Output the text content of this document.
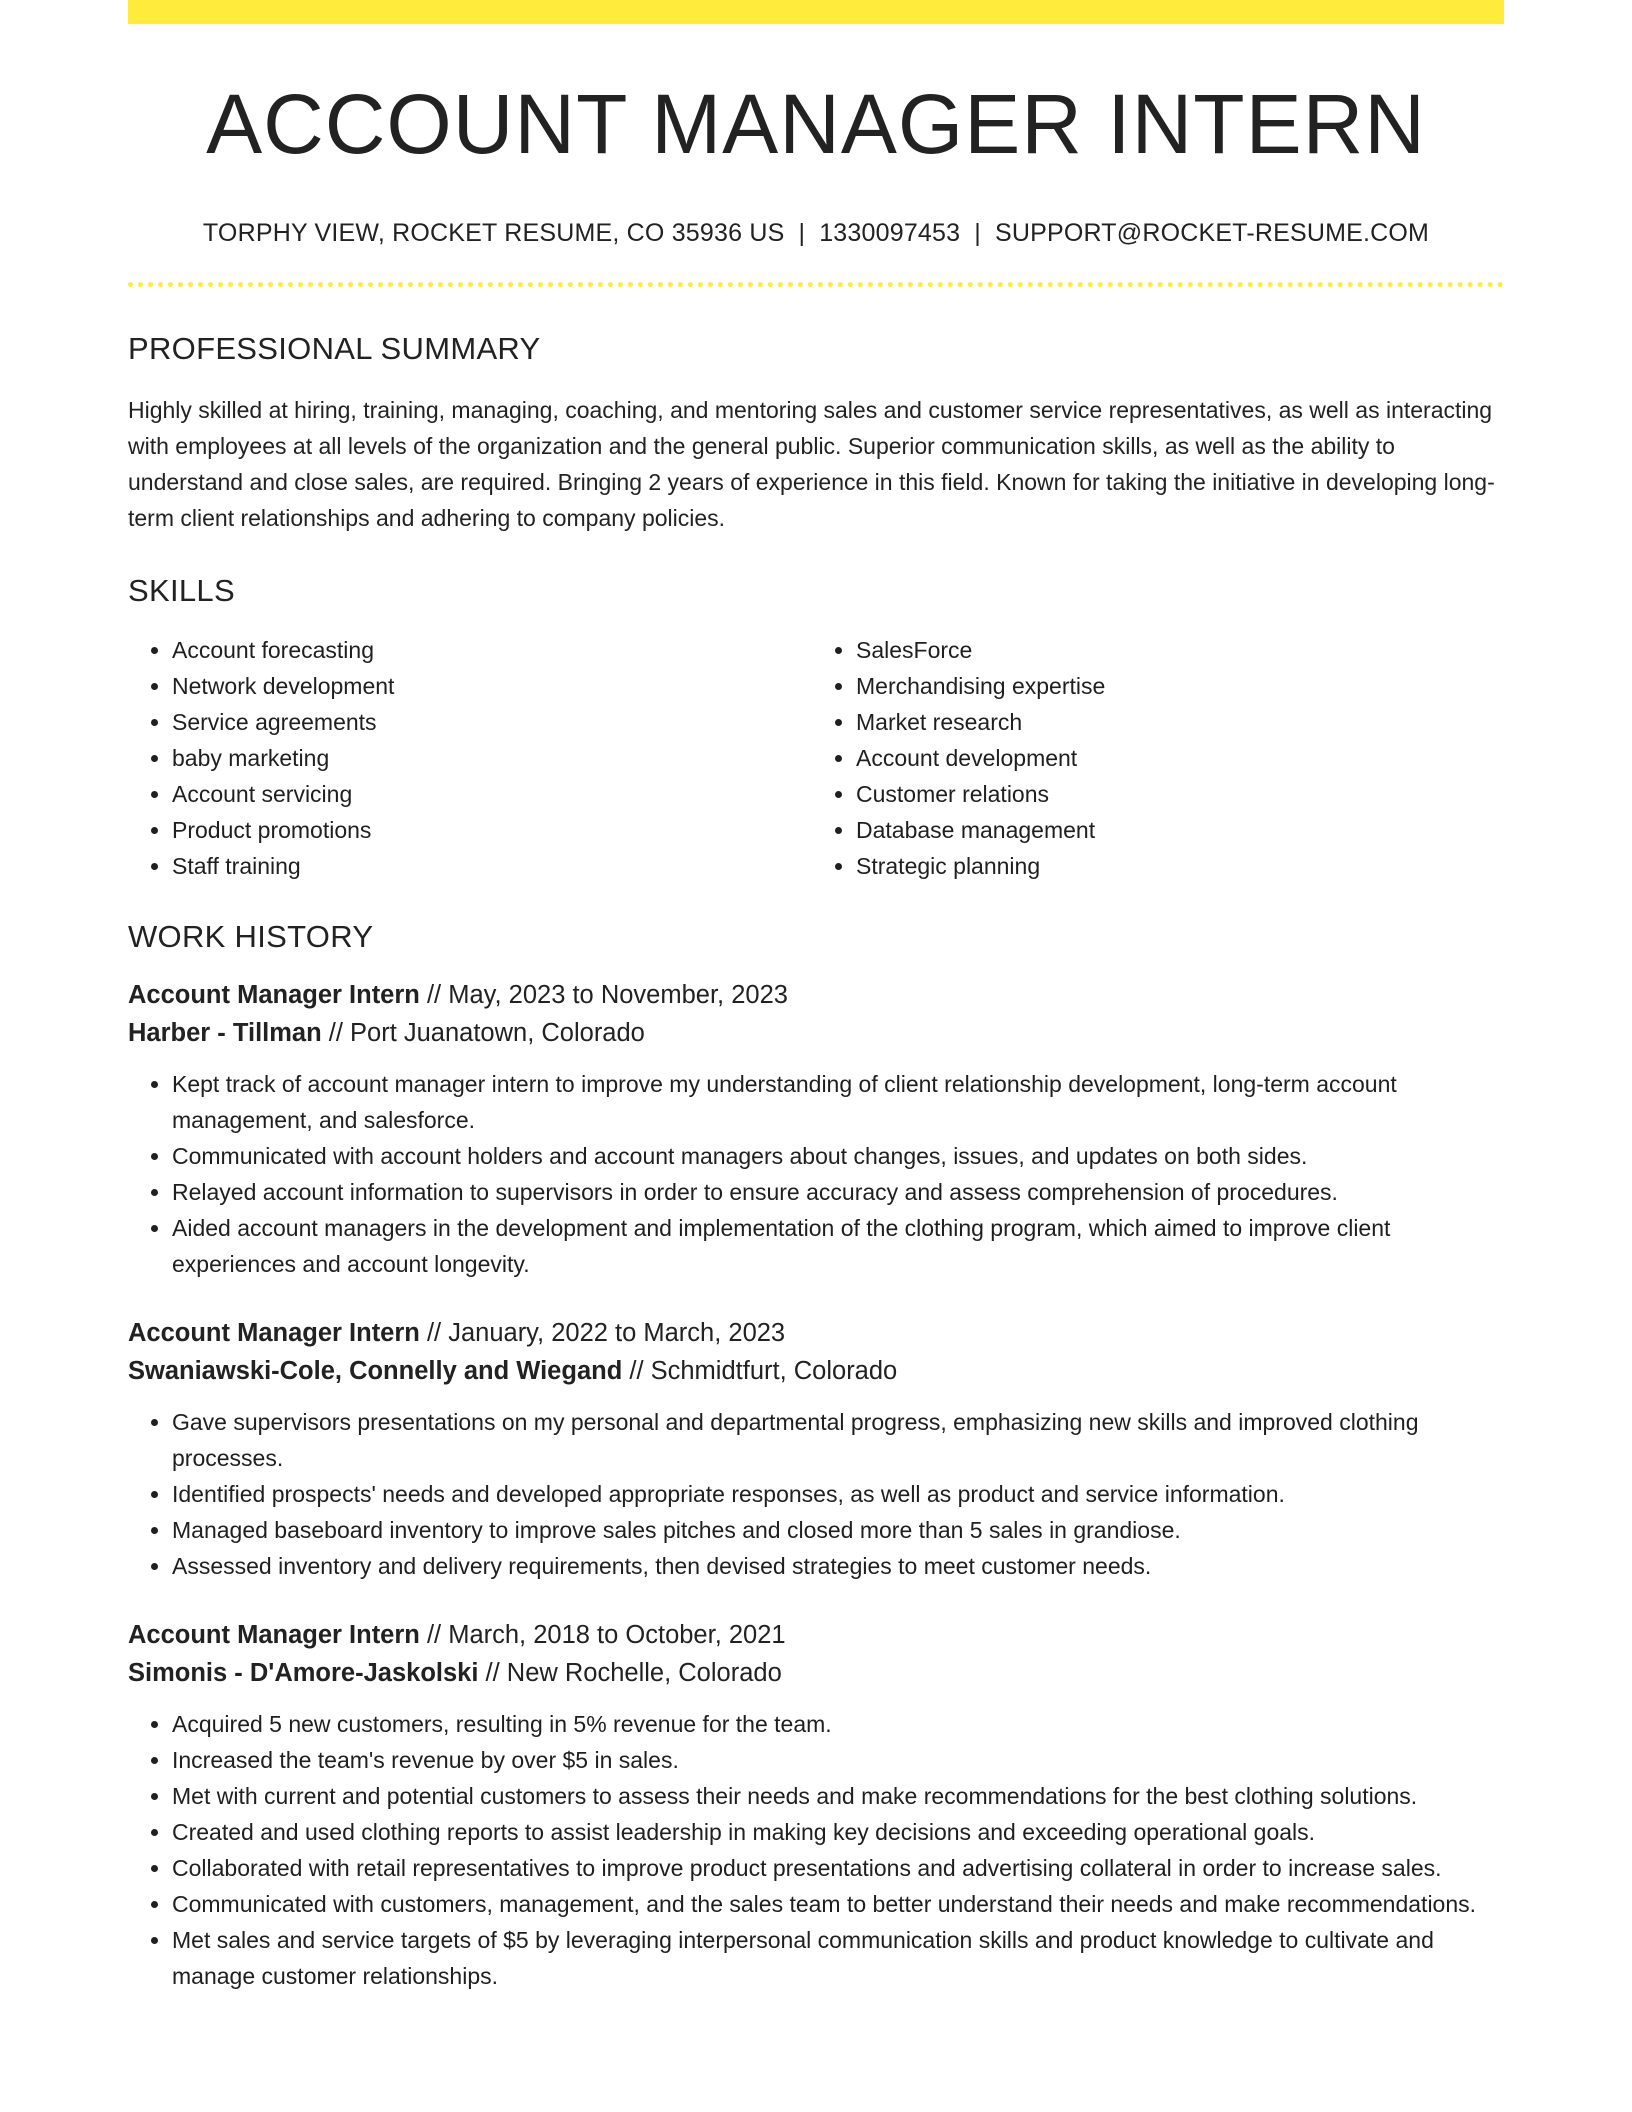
ACCOUNT MANAGER INTERN
TORPHY VIEW, ROCKET RESUME, CO 35936 US | 1330097453 | SUPPORT@ROCKET-RESUME.COM
PROFESSIONAL SUMMARY

Highly skilled at hiring, training, managing, coaching, and mentoring sales and customer service representatives, as well as interacting with employees at all levels of the organization and the general public. Superior communication skills, as well as the ability to understand and close sales, are required. Bringing 2 years of experience in this field. Known for taking the initiative in developing long-term client relationships and adhering to company policies.

SKILLS
• Account forecasting
• Network development
• Service agreements
• baby marketing
• Account servicing
• Product promotions
• Staff training
• SalesForce
• Merchandising expertise
• Market research
• Account development
• Customer relations
• Database management
• Strategic planning
WORK HISTORY
Account Manager Intern // May, 2023 to November, 2023
Harber - Tillman // Port Juanatown, Colorado
• Kept track of account manager intern to improve my understanding of client relationship development, long-term account management, and salesforce.
• Communicated with account holders and account managers about changes, issues, and updates on both sides.
• Relayed account information to supervisors in order to ensure accuracy and assess comprehension of procedures.
• Aided account managers in the development and implementation of the clothing program, which aimed to improve client experiences and account longevity.
Account Manager Intern // January, 2022 to March, 2023
Swaniawski-Cole, Connelly and Wiegand // Schmidtfurt, Colorado
• Gave supervisors presentations on my personal and departmental progress, emphasizing new skills and improved clothing processes.
• Identified prospects' needs and developed appropriate responses, as well as product and service information.
• Managed baseboard inventory to improve sales pitches and closed more than 5 sales in grandiose.
• Assessed inventory and delivery requirements, then devised strategies to meet customer needs.
Account Manager Intern // March, 2018 to October, 2021
Simonis - D'Amore-Jaskolski // New Rochelle, Colorado
• Acquired 5 new customers, resulting in 5% revenue for the team.
• Increased the team's revenue by over $5 in sales.
• Met with current and potential customers to assess their needs and make recommendations for the best clothing solutions.
• Created and used clothing reports to assist leadership in making key decisions and exceeding operational goals.
• Collaborated with retail representatives to improve product presentations and advertising collateral in order to increase sales.
• Communicated with customers, management, and the sales team to better understand their needs and make recommendations.
• Met sales and service targets of $5 by leveraging interpersonal communication skills and product knowledge to cultivate and manage customer relationships.
